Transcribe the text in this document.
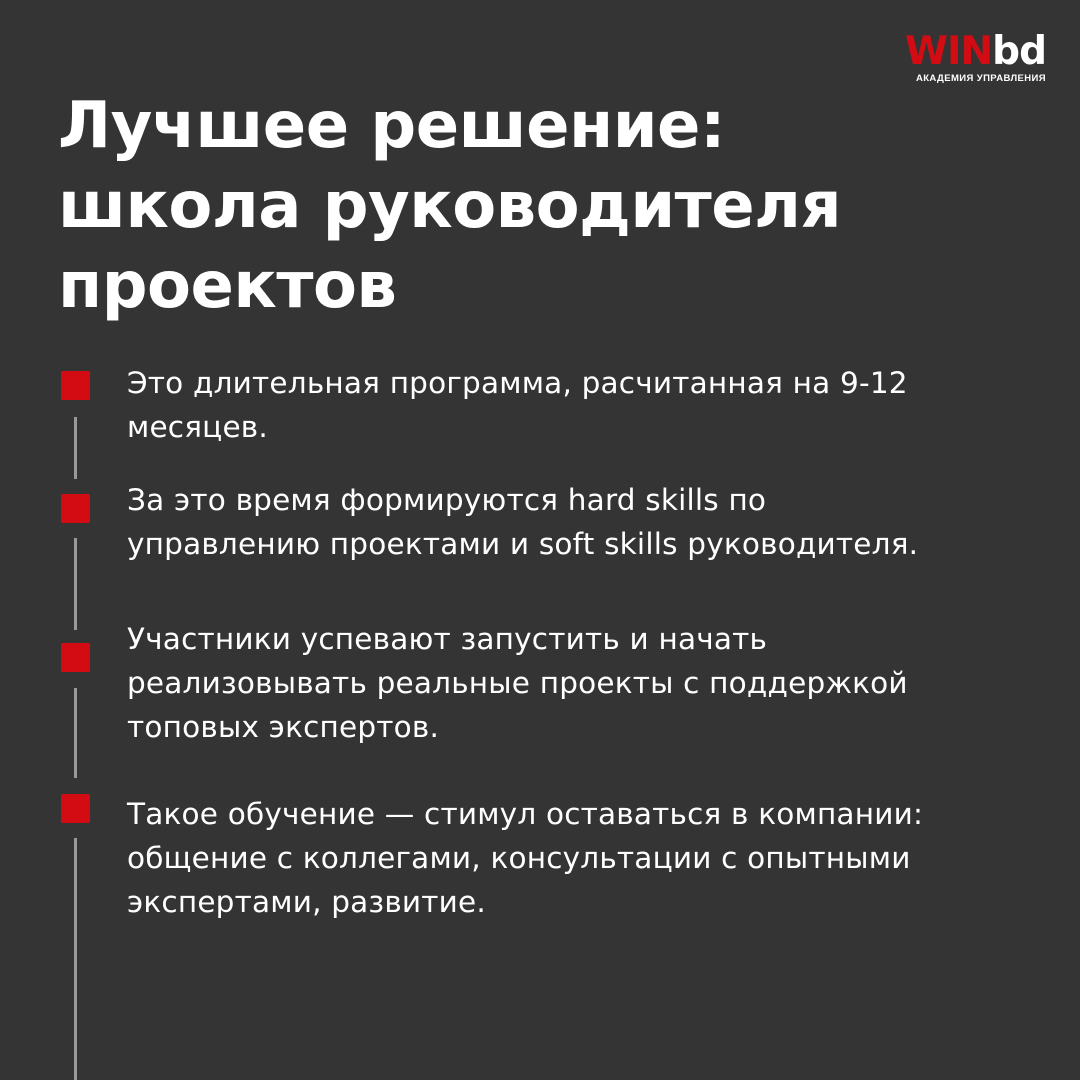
WINbd
АКАДЕМИЯ УПРАВЛЕНИЯ
Лучшее решение:
школа руководителя
проектов
Это длительная программа, расчитанная на 9-12
месяцев.
За это время формируются hard skills по
управлению проектами и soft skills руководителя.
Участники успевают запустить и начать
реализовывать реальные проекты с поддержкой
топовых экспертов.
Такое обучение — стимул оставаться в компании:
общение с коллегами, консультации с опытными
экспертами, развитие.
